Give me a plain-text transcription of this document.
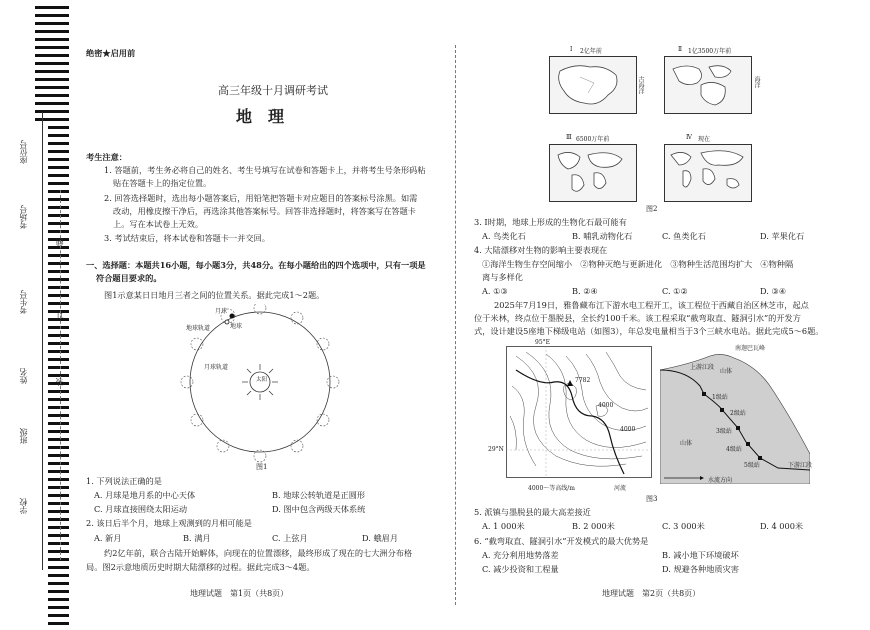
座位号
考场号
考生号
姓名
班级
学校
线
订
装
绝密★启用前
高三年级十月调研考试
地理
考生注意：
1. 答题前，考生务必将自己的姓名、考生号填写在试卷和答题卡上，并将考生号条形码粘
贴在答题卡上的指定位置。
2. 回答选择题时，选出每小题答案后，用铅笔把答题卡对应题目的答案标号涂黑。如需
改动，用橡皮擦干净后，再选涂其他答案标号。回答非选择题时，将答案写在答题卡
上。写在本试卷上无效。
3. 考试结束后，将本试卷和答题卡一并交回。
一、选择题：本题共16小题，每小题3分，共48分。在每小题给出的四个选项中，只有一项是
符合题目要求的。
图1示意某日日地月三者之间的位置关系。据此完成1～2题。
太阳
月球
地球
地球轨道
月球轨道
图1
1. 下列说法正确的是
A. 月球是地月系的中心天体	B. 地球公转轨道是正圆形
C. 月球直接围绕太阳运动	D. 图中包含两级天体系统
2. 该日后半个月，地球上观测到的月相可能是
A. 新月	B. 满月	C. 上弦月	D. 蛾眉月
约2亿年前，联合古陆开始解体，向现在的位置漂移，最终形成了现在的七大洲分布格
局。图2示意地质历史时期大陆漂移的过程。据此完成3～4题。
地理试题　第1页（共8页）
Ⅰ 2亿年前	Ⅱ 1亿3500万年前
Ⅲ 6500万年前	Ⅳ 现在
古海洋	海洋
图2
3. Ⅰ时期，地球上形成的生物化石最可能有
A. 鸟类化石	B. 哺乳动物化石	C. 鱼类化石	D. 苹果化石
4. 大陆漂移对生物的影响主要表现在
①海洋生物生存空间缩小　②物种灭绝与更新进化　③物种生活范围均扩大　④物种隔
离与多样化
A. ①③	B. ②④	C. ①②	D. ③④
2025年7月19日，雅鲁藏布江下游水电工程开工，该工程位于西藏自治区林芝市，起点
位于米林，终点位于墨脱县，全长约100千米。该工程采取“截弯取直、隧洞引水”的开发方
式，设计建设5座地下梯级电站（如图3），年总发电量相当于3个三峡水电站。据此完成5～6题。
95°E
29°N
7782
4000
4000
4000～等高线/m	河流
南迦巴瓦峰
上游江段
山体
山体
1级站
2级站
3级站
4级站
5级站	下游江段
水流方向
图3
5. 派镇与墨脱县的最大高差接近
A. 1 000米	B. 2 000米	C. 3 000米	D. 4 000米
6. “截弯取直、隧洞引水”开发模式的最大优势是
A. 充分利用地势落差	B. 减小地下环境破坏
C. 减少投资和工程量	D. 规避各种地质灾害
地理试题　第2页（共8页）
